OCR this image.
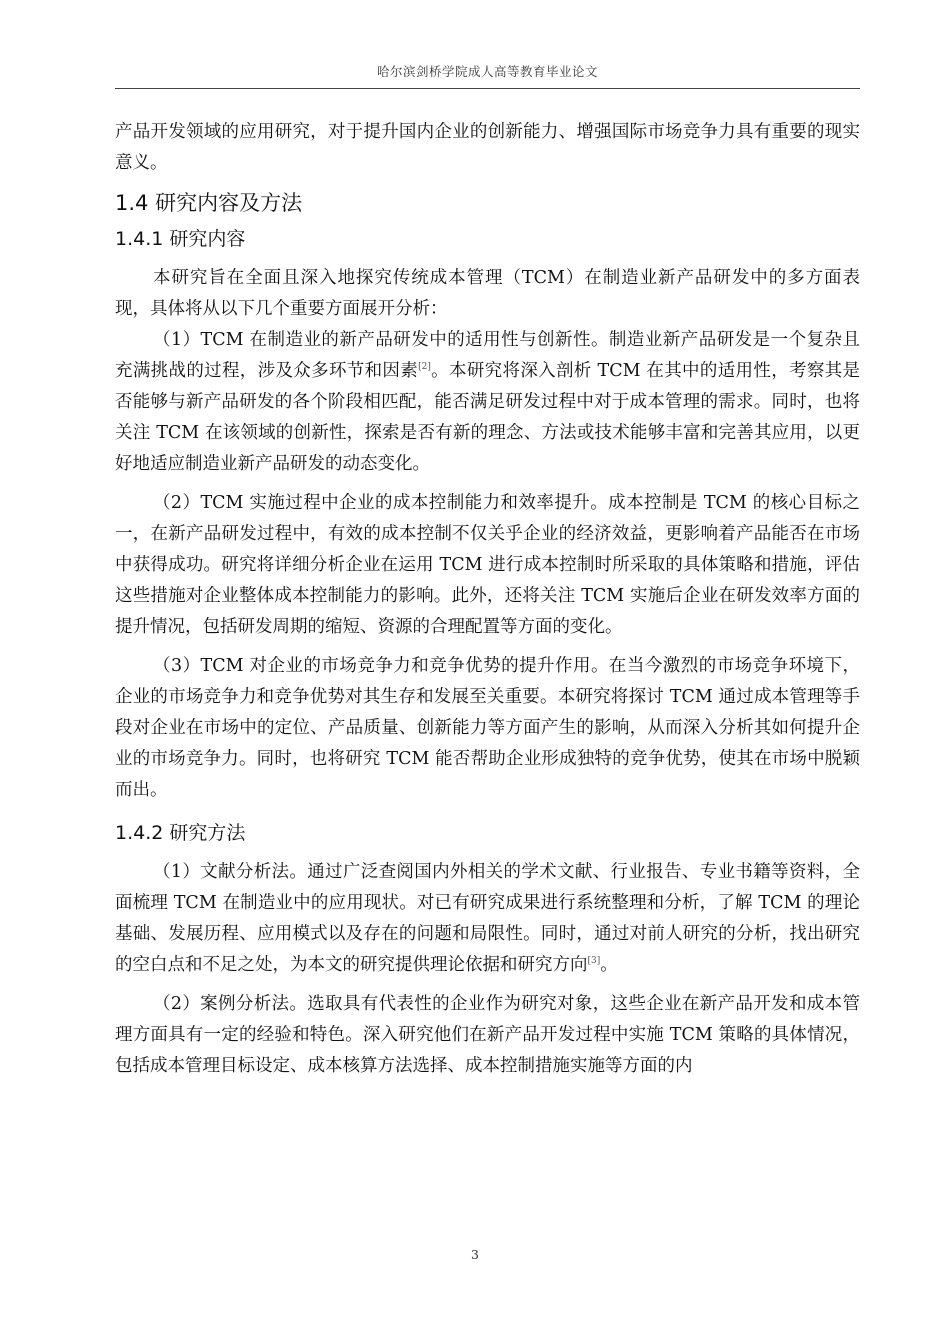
哈尔滨剑桥学院成人高等教育毕业论文

产品开发领域的应用研究，对于提升国内企业的创新能力、增强国际市场竞争力具有重要的现实意义。

1.4 研究内容及方法
1.4.1 研究内容

本研究旨在全面且深入地探究传统成本管理（TCM）在制造业新产品研发中的多方面表现，具体将从以下几个重要方面展开分析：

（1）TCM 在制造业的新产品研发中的适用性与创新性。制造业新产品研发是一个复杂且充满挑战的过程，涉及众多环节和因素[2]。本研究将深入剖析 TCM 在其中的适用性，考察其是否能够与新产品研发的各个阶段相匹配，能否满足研发过程中对于成本管理的需求。同时，也将关注 TCM 在该领域的创新性，探索是否有新的理念、方法或技术能够丰富和完善其应用，以更好地适应制造业新产品研发的动态变化。

（2）TCM 实施过程中企业的成本控制能力和效率提升。成本控制是 TCM 的核心目标之一，在新产品研发过程中，有效的成本控制不仅关乎企业的经济效益，更影响着产品能否在市场中获得成功。研究将详细分析企业在运用 TCM 进行成本控制时所采取的具体策略和措施，评估这些措施对企业整体成本控制能力的影响。此外，还将关注 TCM 实施后企业在研发效率方面的提升情况，包括研发周期的缩短、资源的合理配置等方面的变化。

（3）TCM 对企业的市场竞争力和竞争优势的提升作用。在当今激烈的市场竞争环境下，企业的市场竞争力和竞争优势对其生存和发展至关重要。本研究将探讨 TCM 通过成本管理等手段对企业在市场中的定位、产品质量、创新能力等方面产生的影响，从而深入分析其如何提升企业的市场竞争力。同时，也将研究 TCM 能否帮助企业形成独特的竞争优势，使其在市场中脱颖而出。

1.4.2 研究方法

（1）文献分析法。通过广泛查阅国内外相关的学术文献、行业报告、专业书籍等资料，全面梳理 TCM 在制造业中的应用现状。对已有研究成果进行系统整理和分析，了解 TCM 的理论基础、发展历程、应用模式以及存在的问题和局限性。同时，通过对前人研究的分析，找出研究的空白点和不足之处，为本文的研究提供理论依据和研究方向[3]。

（2）案例分析法。选取具有代表性的企业作为研究对象，这些企业在新产品开发和成本管理方面具有一定的经验和特色。深入研究他们在新产品开发过程中实施 TCM 策略的具体情况，包括成本管理目标设定、成本核算方法选择、成本控制措施实施等方面的内

3
